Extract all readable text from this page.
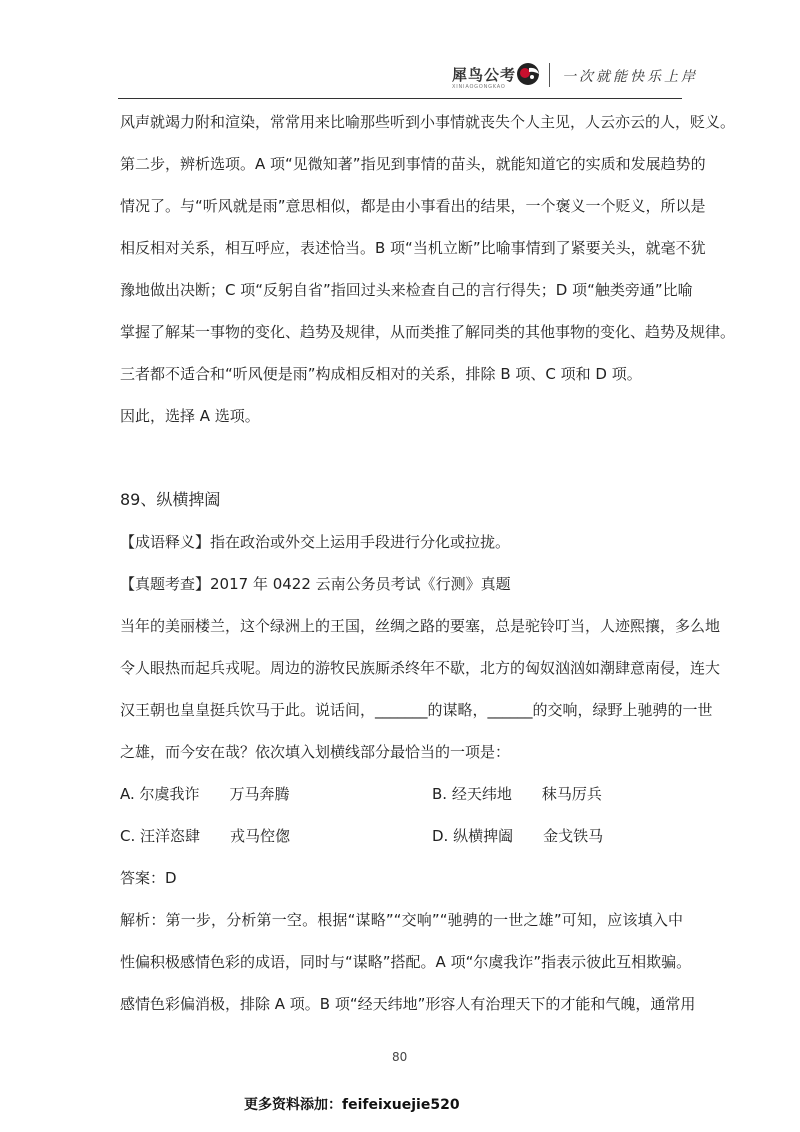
犀鸟公考
XINIAOGONGKAO
一次就能快乐上岸
风声就竭力附和渲染，常常用来比喻那些听到小事情就丧失个人主见，人云亦云的人，贬义。
第二步，辨析选项。A 项“见微知著”指见到事情的苗头，就能知道它的实质和发展趋势的
情况了。与“听风就是雨”意思相似，都是由小事看出的结果，一个褒义一个贬义，所以是
相反相对关系，相互呼应，表述恰当。B 项“当机立断”比喻事情到了紧要关头，就毫不犹
豫地做出决断；C 项“反躬自省”指回过头来检查自己的言行得失；D 项“触类旁通”比喻
掌握了解某一事物的变化、趋势及规律，从而类推了解同类的其他事物的变化、趋势及规律。
三者都不适合和“听风便是雨”构成相反相对的关系，排除 B 项、C 项和 D 项。
因此，选择 A 选项。
89、纵横捭阖
【成语释义】指在政治或外交上运用手段进行分化或拉拢。
【真题考查】2017 年 0422 云南公务员考试《行测》真题
当年的美丽楼兰，这个绿洲上的王国，丝绸之路的要塞，总是驼铃叮当，人迹熙攘，多么地
令人眼热而起兵戎呢。周边的游牧民族厮杀终年不歇，北方的匈奴汹汹如潮肆意南侵，连大
汉王朝也皇皇挺兵饮马于此。说话间，_______的谋略，______的交响，绿野上驰骋的一世
之雄，而今安在哉？依次填入划横线部分最恰当的一项是：
A. 尔虞我诈　　万马奔腾	B. 经天纬地　　秣马厉兵
C. 汪洋恣肆　　戎马倥偬	D. 纵横捭阖　　金戈铁马
答案：D
解析：第一步，分析第一空。根据“谋略”“交响”“驰骋的一世之雄”可知，应该填入中
性偏积极感情色彩的成语，同时与“谋略”搭配。A 项“尔虞我诈”指表示彼此互相欺骗。
感情色彩偏消极，排除 A 项。B 项“经天纬地”形容人有治理天下的才能和气魄，通常用
80
更多资料添加：feifeixuejie520
